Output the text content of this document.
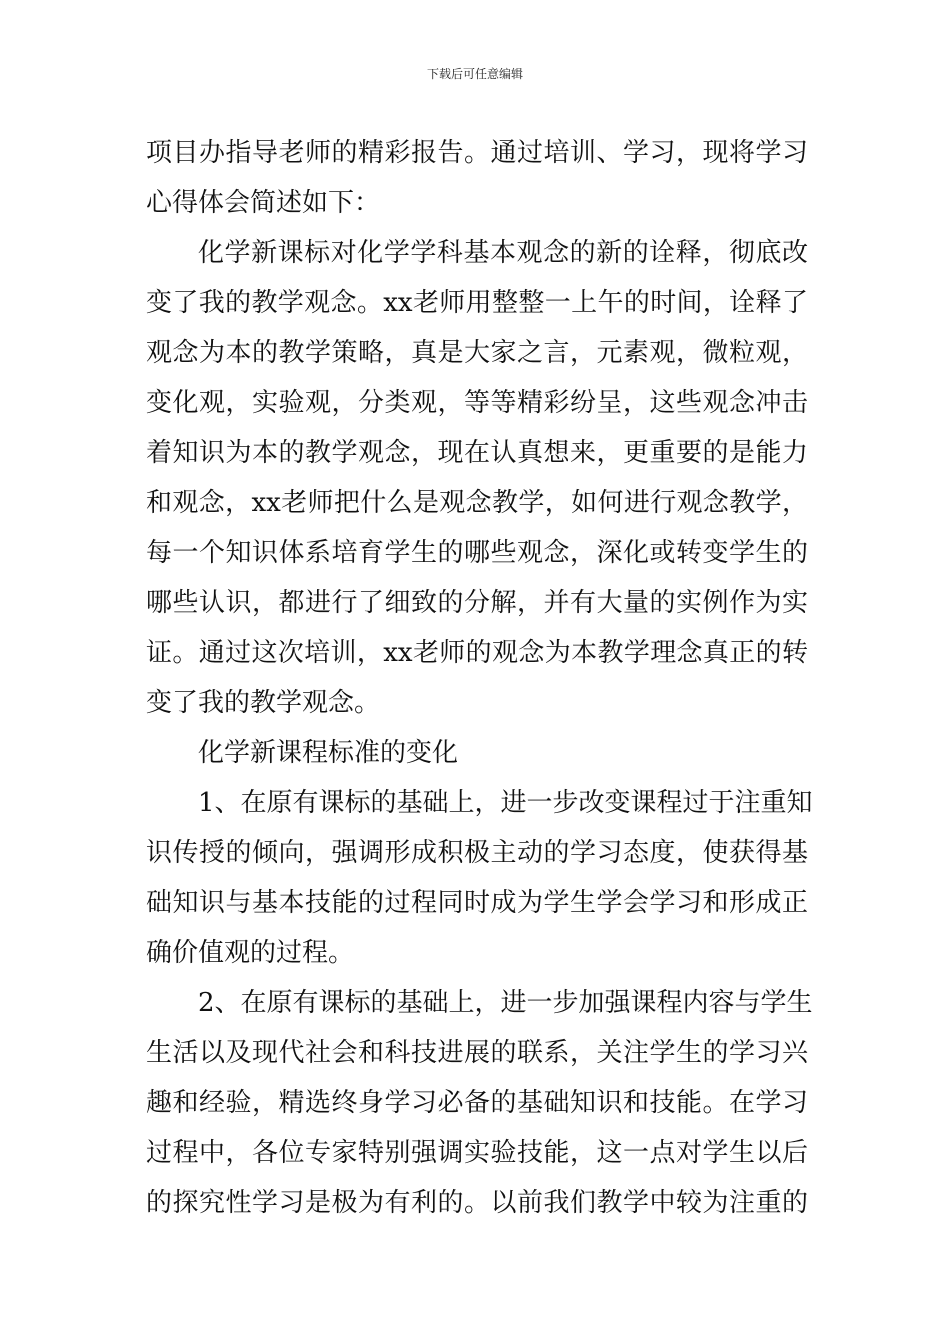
下载后可任意编辑
项目办指导老师的精彩报告。通过培训、学习，现将学习
心得体会简述如下：
化学新课标对化学学科基本观念的新的诠释，彻底改
变了我的教学观念。xx老师用整整一上午的时间，诠释了
观念为本的教学策略，真是大家之言，元素观，微粒观，
变化观，实验观，分类观，等等精彩纷呈，这些观念冲击
着知识为本的教学观念，现在认真想来，更重要的是能力
和观念，xx老师把什么是观念教学，如何进行观念教学，
每一个知识体系培育学生的哪些观念，深化或转变学生的
哪些认识，都进行了细致的分解，并有大量的实例作为实
证。通过这次培训，xx老师的观念为本教学理念真正的转
变了我的教学观念。
化学新课程标准的变化
1、在原有课标的基础上，进一步改变课程过于注重知
识传授的倾向，强调形成积极主动的学习态度，使获得基
础知识与基本技能的过程同时成为学生学会学习和形成正
确价值观的过程。
2、在原有课标的基础上，进一步加强课程内容与学生
生活以及现代社会和科技进展的联系，关注学生的学习兴
趣和经验，精选终身学习必备的基础知识和技能。在学习
过程中，各位专家特别强调实验技能，这一点对学生以后
的探究性学习是极为有利的。以前我们教学中较为注重的
